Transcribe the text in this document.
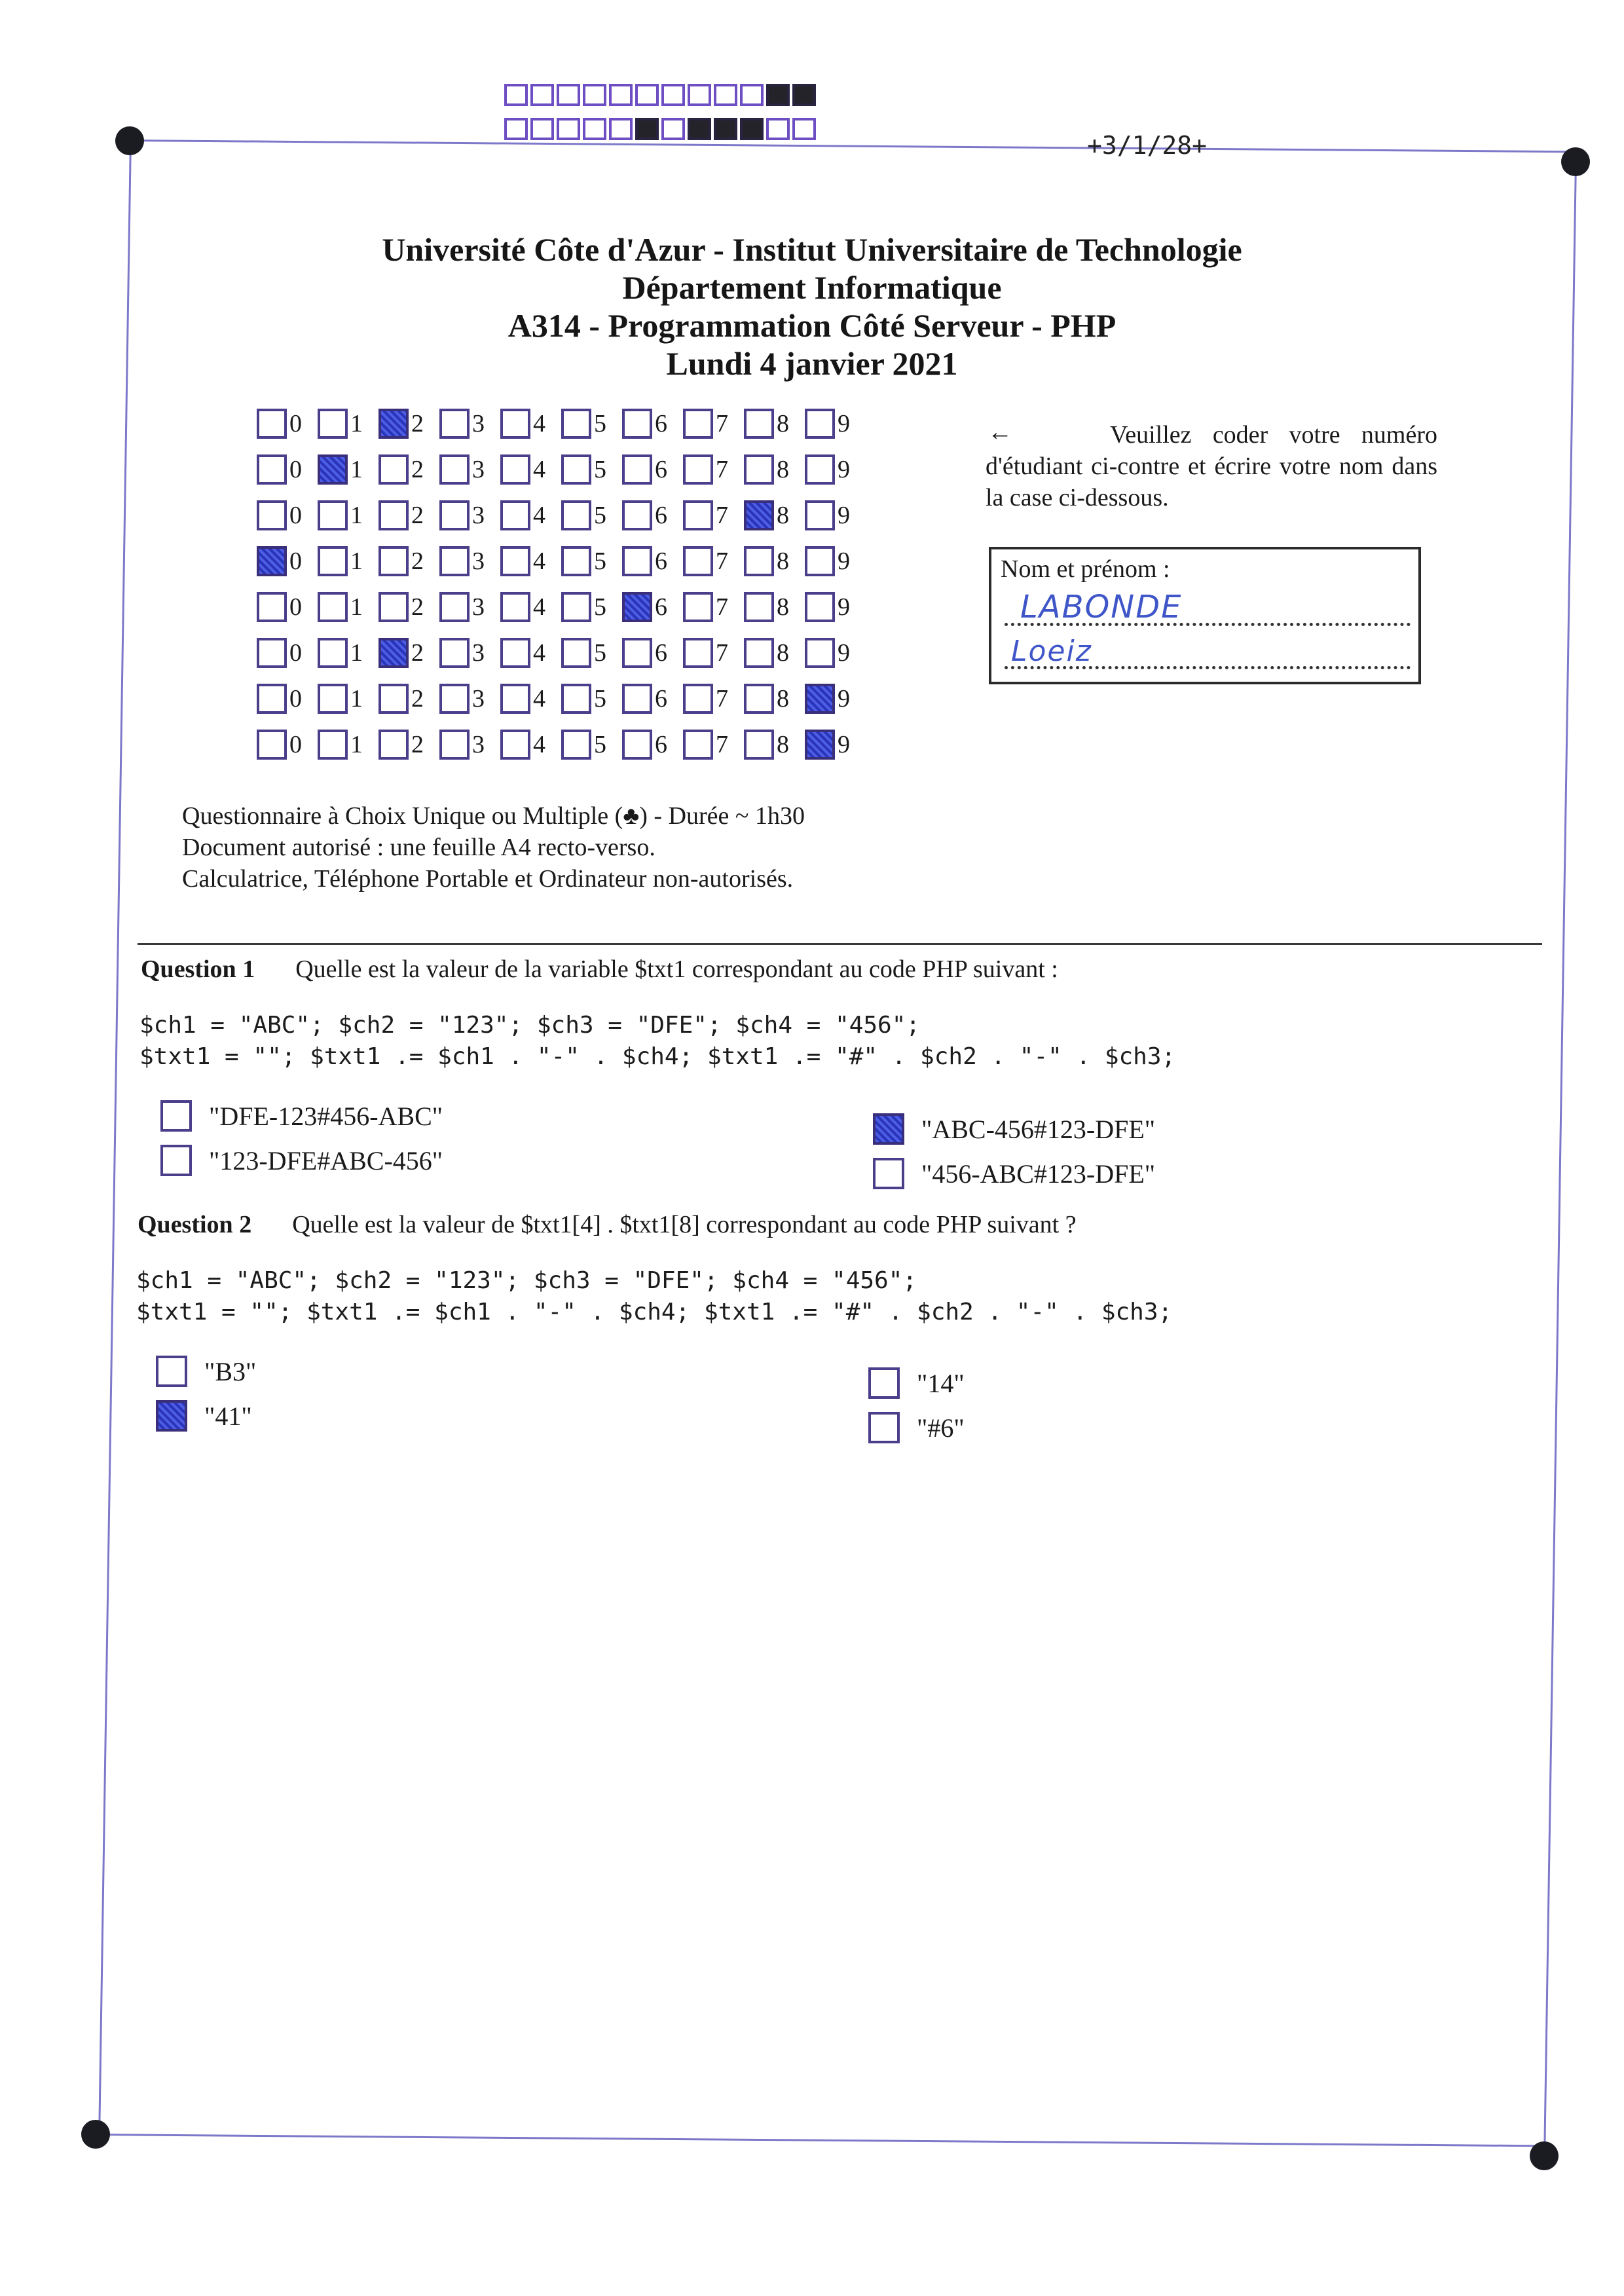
+3/1/28+
Université Côte d'Azur - Institut Universitaire de Technologie
Département Informatique
A314 - Programmation Côté Serveur - PHP
Lundi 4 janvier 2021
0 1 2 3 4 5 6 7 8 9
0 1 2 3 4 5 6 7 8 9
0 1 2 3 4 5 6 7 8 9
0 1 2 3 4 5 6 7 8 9
0 1 2 3 4 5 6 7 8 9
0 1 2 3 4 5 6 7 8 9
0 1 2 3 4 5 6 7 8 9
0 1 2 3 4 5 6 7 8 9
←	Veuillez coder votre numéro d'étudiant ci-contre et écrire votre nom dans la case ci-dessous.
Nom et prénom :
LABONDE
Loeiz
Questionnaire à Choix Unique ou Multiple (♣) - Durée ~ 1h30
Document autorisé : une feuille A4 recto-verso.
Calculatrice, Téléphone Portable et Ordinateur non-autorisés.
Question 1 Quelle est la valeur de la variable $txt1 correspondant au code PHP suivant :
$ch1 = "ABC"; $ch2 = "123"; $ch3 = "DFE"; $ch4 = "456";
$txt1 = ""; $txt1 .= $ch1 . "-" . $ch4; $txt1 .= "#" . $ch2 . "-" . $ch3;
"DFE-123#456-ABC"
"123-DFE#ABC-456"
"ABC-456#123-DFE"
"456-ABC#123-DFE"
Question 2 Quelle est la valeur de $txt1[4] . $txt1[8] correspondant au code PHP suivant ?
$ch1 = "ABC"; $ch2 = "123"; $ch3 = "DFE"; $ch4 = "456";
$txt1 = ""; $txt1 .= $ch1 . "-" . $ch4; $txt1 .= "#" . $ch2 . "-" . $ch3;
"B3"
"41"
"14"
"#6"
